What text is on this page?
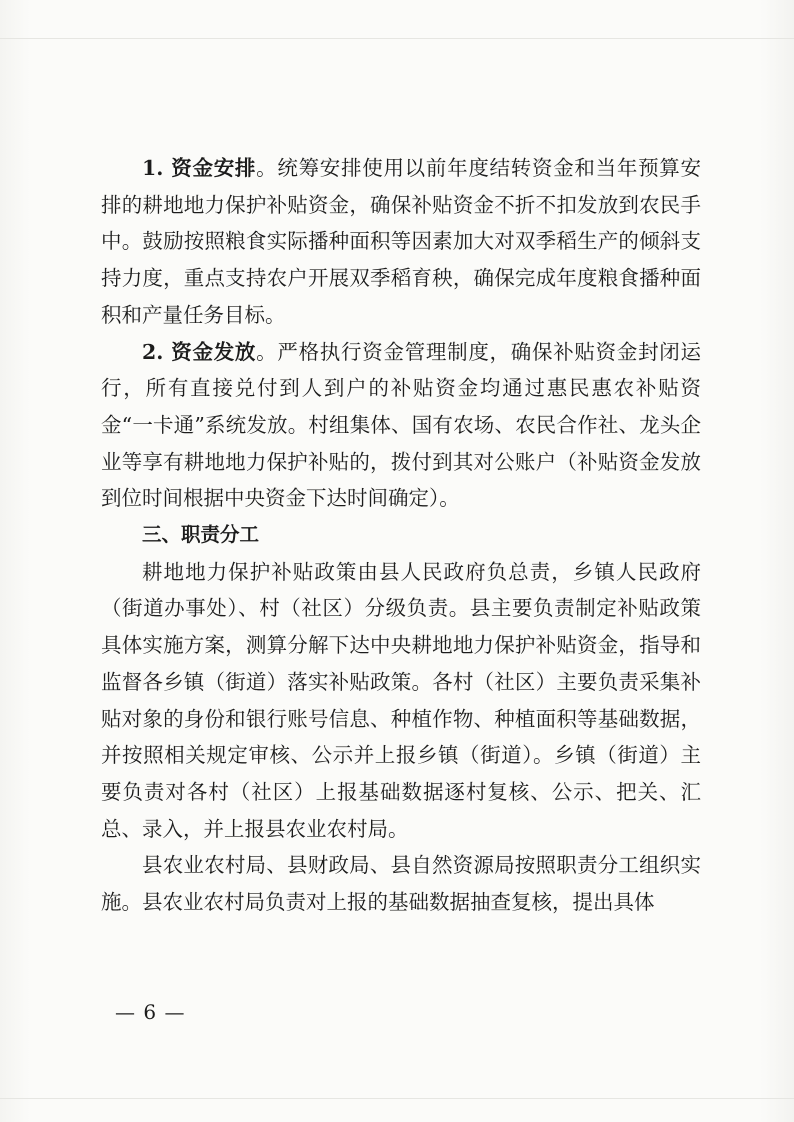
1. 资金安排。统筹安排使用以前年度结转资金和当年预算安排的耕地地力保护补贴资金，确保补贴资金不折不扣发放到农民手中。鼓励按照粮食实际播种面积等因素加大对双季稻生产的倾斜支持力度，重点支持农户开展双季稻育秧，确保完成年度粮食播种面积和产量任务目标。

2. 资金发放。严格执行资金管理制度，确保补贴资金封闭运行，所有直接兑付到人到户的补贴资金均通过惠民惠农补贴资金“一卡通”系统发放。村组集体、国有农场、农民合作社、龙头企业等享有耕地地力保护补贴的，拨付到其对公账户（补贴资金发放到位时间根据中央资金下达时间确定）。

三、职责分工

耕地地力保护补贴政策由县人民政府负总责，乡镇人民政府（街道办事处）、村（社区）分级负责。县主要负责制定补贴政策具体实施方案，测算分解下达中央耕地地力保护补贴资金，指导和监督各乡镇（街道）落实补贴政策。各村（社区）主要负责采集补贴对象的身份和银行账号信息、种植作物、种植面积等基础数据，并按照相关规定审核、公示并上报乡镇（街道）。乡镇（街道）主要负责对各村（社区）上报基础数据逐村复核、公示、把关、汇总、录入，并上报县农业农村局。

县农业农村局、县财政局、县自然资源局按照职责分工组织实施。县农业农村局负责对上报的基础数据抽查复核，提出具体

— 6 —
